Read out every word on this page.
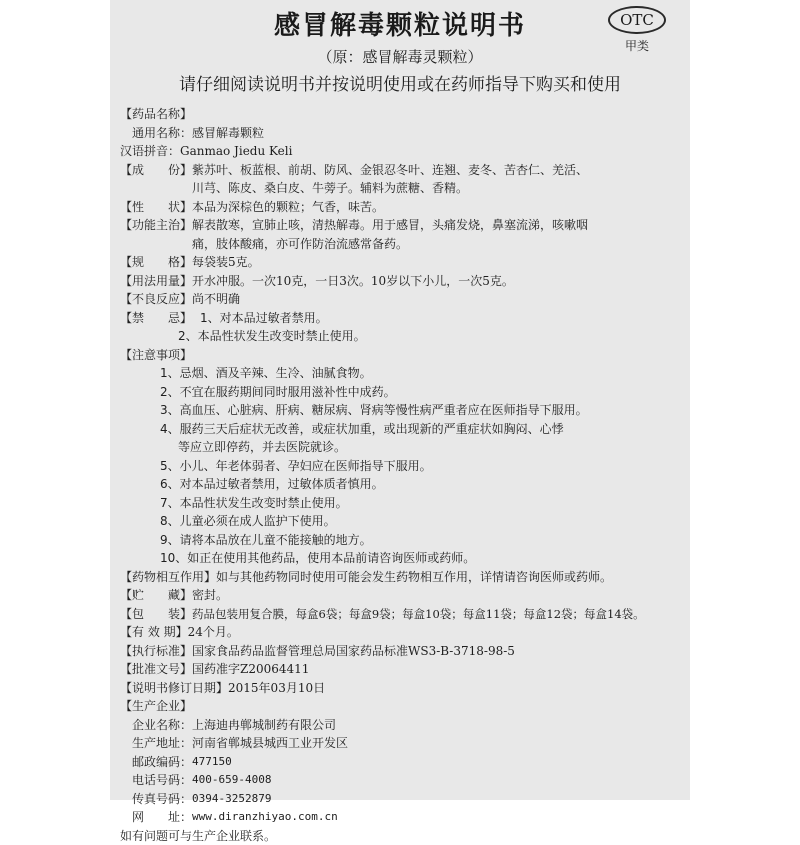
感冒解毒颗粒说明书	OTC
甲类
（原：感冒解毒灵颗粒）
请仔细阅读说明书并按说明使用或在药师指导下购买和使用
【药品名称】
通用名称： 感冒解毒颗粒
汉语拼音： Ganmao Jiedu Keli
【成　　份】 紫苏叶、板蓝根、前胡、防风、金银忍冬叶、连翘、麦冬、苦杏仁、羌活、
川芎、陈皮、桑白皮、牛蒡子。辅料为蔗糖、香精。
【性　　状】 本品为深棕色的颗粒；气香，味苦。
【功能主治】 解表散寒，宣肺止咳，清热解毒。用于感冒，头痛发烧，鼻塞流涕，咳嗽咽
痛，肢体酸痛，亦可作防治流感常备药。
【规　　格】 每袋装5克。
【用法用量】 开水冲服。一次10克，一日3次。10岁以下小儿，一次5克。
【不良反应】 尚不明确
【禁　　忌】 1、对本品过敏者禁用。
2、本品性状发生改变时禁止使用。
【注意事项】
1、忌烟、酒及辛辣、生冷、油腻食物。
2、不宜在服药期间同时服用滋补性中成药。
3、高血压、心脏病、肝病、糖尿病、肾病等慢性病严重者应在医师指导下服用。
4、服药三天后症状无改善，或症状加重，或出现新的严重症状如胸闷、心悸
等应立即停药，并去医院就诊。
5、小儿、年老体弱者、孕妇应在医师指导下服用。
6、对本品过敏者禁用，过敏体质者慎用。
7、本品性状发生改变时禁止使用。
8、儿童必须在成人监护下使用。
9、请将本品放在儿童不能接触的地方。
10、如正在使用其他药品，使用本品前请咨询医师或药师。
【药物相互作用】 如与其他药物同时使用可能会发生药物相互作用，详情请咨询医师或药师。
【贮　　藏】 密封。
【包　　装】 药品包装用复合膜，每盒6袋；每盒9袋；每盒10袋；每盒11袋；每盒12袋；每盒14袋。
【有 效 期】 24个月。
【执行标准】 国家食品药品监督管理总局国家药品标准WS3-B-3718-98-5
【批准文号】 国药准字Z20064411
【说明书修订日期】 2015年03月10日
【生产企业】
企业名称： 上海迪冉郸城制药有限公司
生产地址： 河南省郸城县城西工业开发区
邮政编码： 477150
电话号码： 400-659-4008
传真号码： 0394-3252879
网　　址： www.diranzhiyao.com.cn
如有问题可与生产企业联系。
